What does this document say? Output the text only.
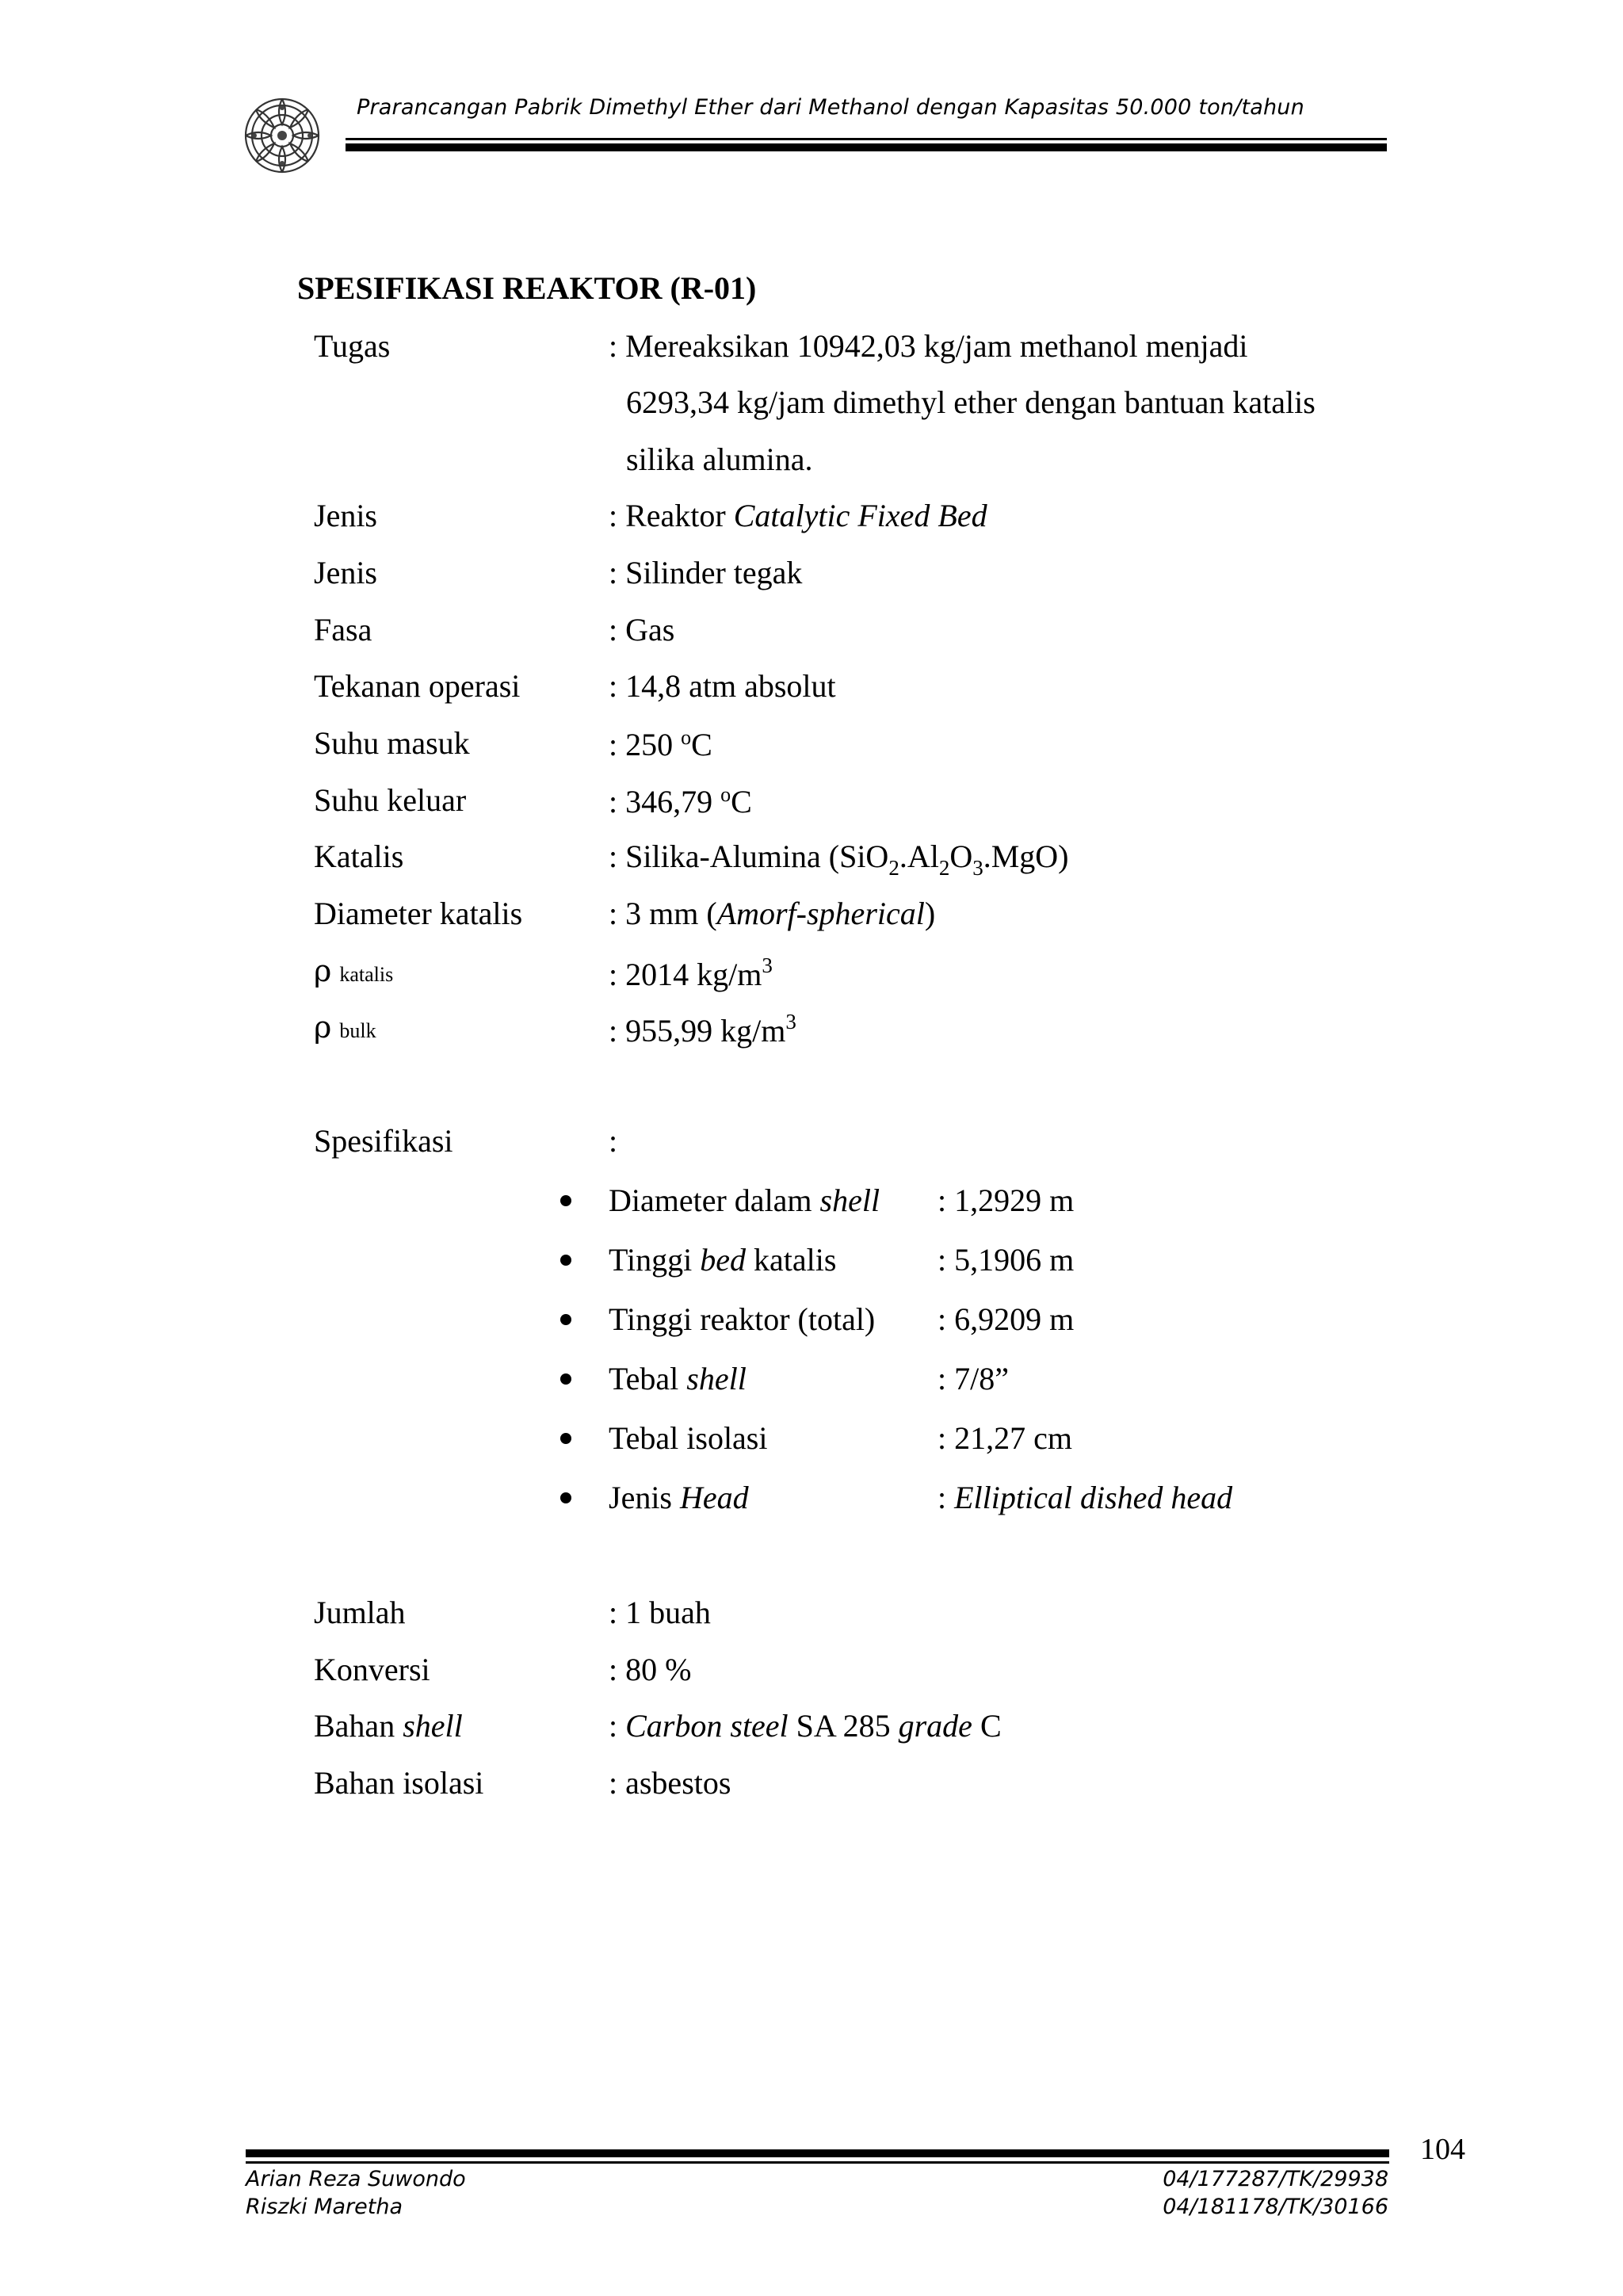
Prarancangan Pabrik Dimethyl Ether dari Methanol dengan Kapasitas 50.000 ton/tahun
SPESIFIKASI REAKTOR (R-01)
Tugas	: Mereaksikan 10942,03 kg/jam methanol menjadi
6293,34 kg/jam dimethyl ether dengan bantuan katalis
silika alumina.
Jenis	: Reaktor Catalytic Fixed Bed
Jenis	: Silinder tegak
Fasa	: Gas
Tekanan operasi	: 14,8 atm absolut
Suhu masuk	: 250 $^o$C
Suhu keluar	: 346,79 $^o$C
Katalis	: Silika-Alumina $(SiO_2.Al_2O_3.MgO)$
Diameter katalis	: 3 mm (Amorf-spherical)
ρ katalis	: 2014 $kg/m^3$
ρ bulk	: 955,99 $kg/m^3$
Spesifikasi	:
Diameter dalam shell : 1,2929 m
Tinggi bed katalis	: 5,1906 m
Tinggi reaktor (total) : 6,9209 m
Tebal shell	: 7/8”
Tebal isolasi	: 21,27 cm
Jenis Head	: Elliptical dished head
Jumlah	: 1 buah
Konversi	: 80 %
Bahan shell	: Carbon steel SA 285 grade C
Bahan isolasi	: asbestos
104
Arian Reza Suwondo
Riszki Maretha
04/177287/TK/29938
04/181178/TK/30166
